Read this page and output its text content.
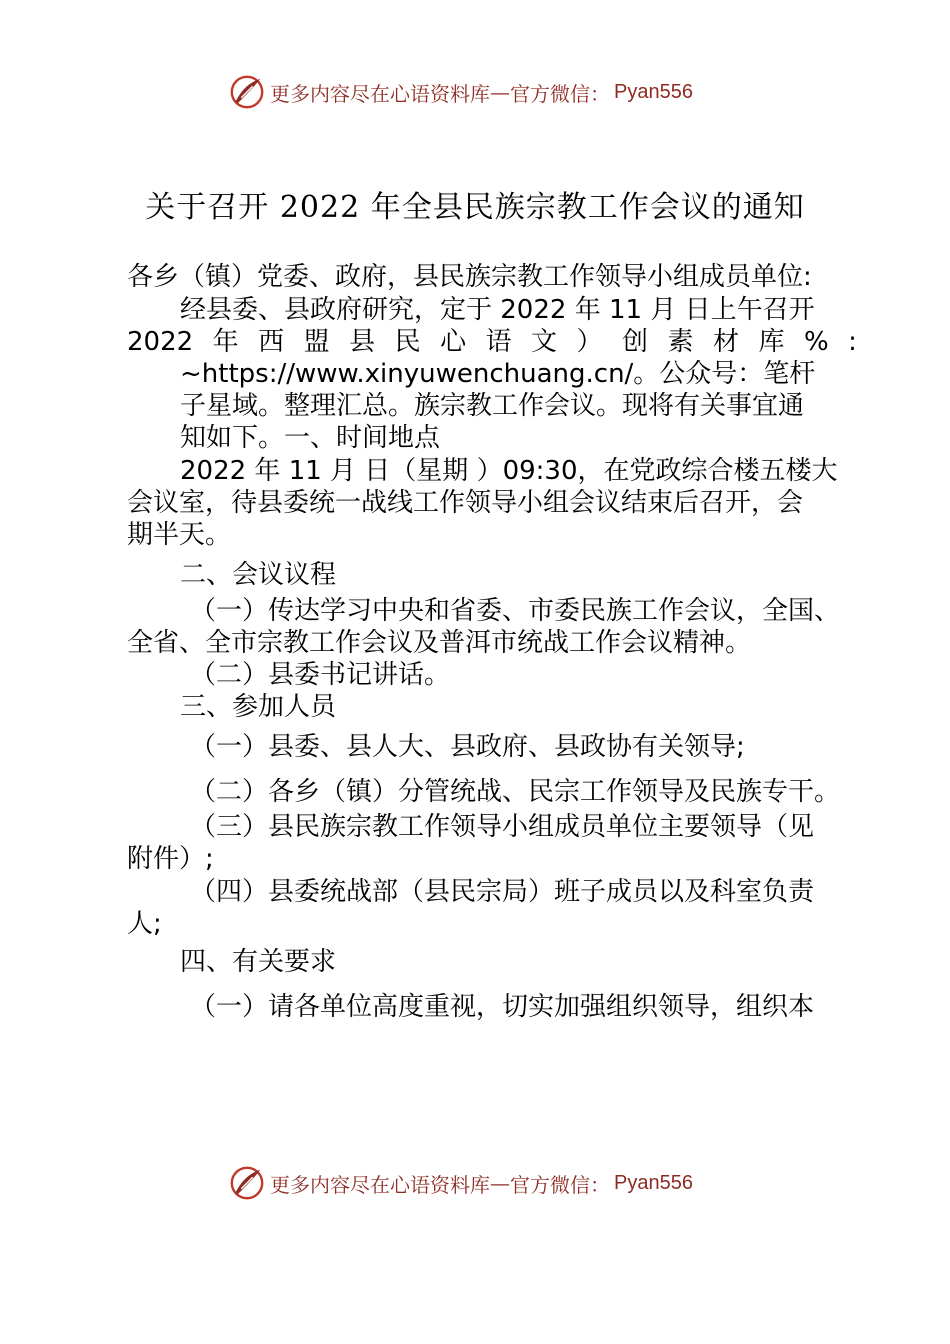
更多内容尽在心语资料库 — 官方微信： Pyan556
关于召开 2022 年全县民族宗教工作会议的通知
各乡（镇）党委、政府，县民族宗教工作领导小组成员单位:
经县委、县政府研究，定于 2022 年 11 月 日上午召开
2022 年 西 盟 县 民 心 语 文 ） 创 素 材 库 % :
~https://www.xinyuwenchuang.cn/。公众号：笔杆
子星域。整理汇总。族宗教工作会议。现将有关事宜通
知如下。一、时间地点
2022 年 11 月 日（星期 ）09:30，在党政综合楼五楼大
会议室，待县委统一战线工作领导小组会议结束后召开，会
期半天。
二、会议议程
（一）传达学习中央和省委、市委民族工作会议，全国、
全省、全市宗教工作会议及普洱市统战工作会议精神。
（二）县委书记讲话。
三、参加人员
（一）县委、县人大、县政府、县政协有关领导;
（二）各乡（镇）分管统战、民宗工作领导及民族专干。
（三）县民族宗教工作领导小组成员单位主要领导（见
附件）;
（四）县委统战部（县民宗局）班子成员以及科室负责
人;
四、有关要求
（一）请各单位高度重视，切实加强组织领导，组织本
更多内容尽在心语资料库 — 官方微信： Pyan556
